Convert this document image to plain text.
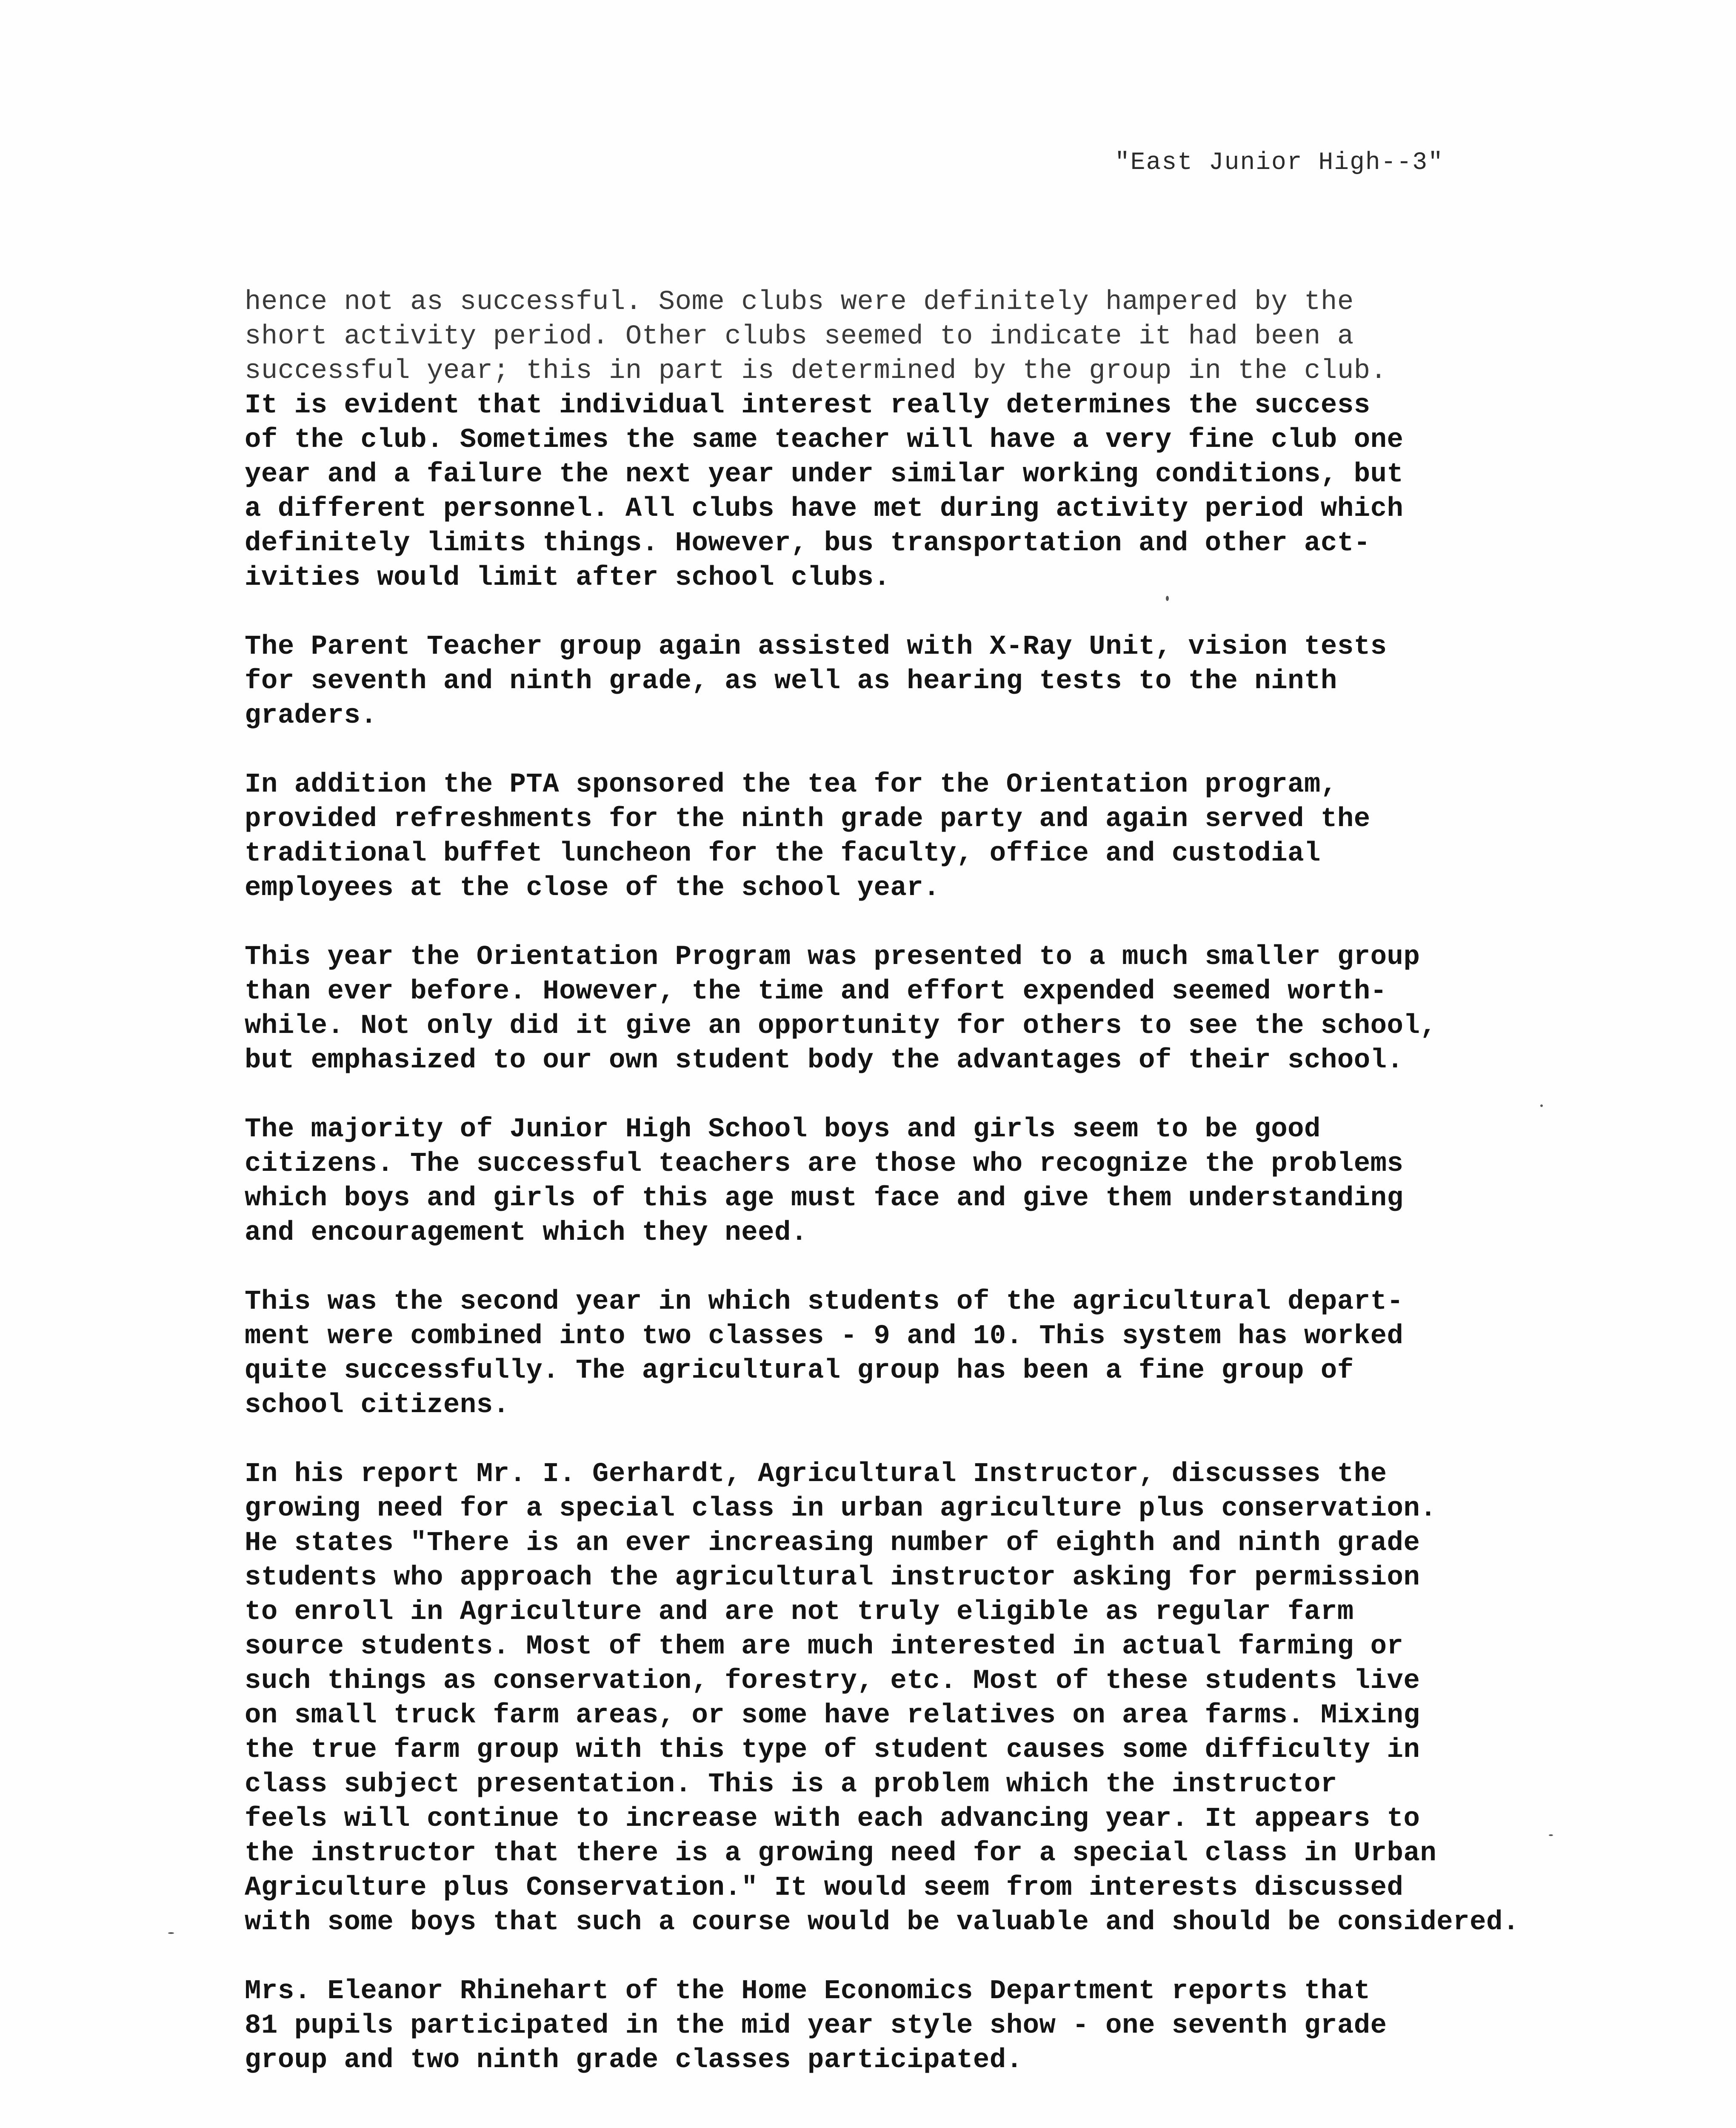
"East Junior High--3"
hence not as successful. Some clubs were definitely hampered by the
short activity period. Other clubs seemed to indicate it had been a
successful year; this in part is determined by the group in the club.
It is evident that individual interest really determines the success
of the club. Sometimes the same teacher will have a very fine club one
year and a failure the next year under similar working conditions, but
a different personnel. All clubs have met during activity period which
definitely limits things. However, bus transportation and other act-
ivities would limit after school clubs.
The Parent Teacher group again assisted with X-Ray Unit, vision tests
for seventh and ninth grade, as well as hearing tests to the ninth
graders.
In addition the PTA sponsored the tea for the Orientation program,
provided refreshments for the ninth grade party and again served the
traditional buffet luncheon for the faculty, office and custodial
employees at the close of the school year.
This year the Orientation Program was presented to a much smaller group
than ever before. However, the time and effort expended seemed worth-
while. Not only did it give an opportunity for others to see the school,
but emphasized to our own student body the advantages of their school.
The majority of Junior High School boys and girls seem to be good
citizens. The successful teachers are those who recognize the problems
which boys and girls of this age must face and give them understanding
and encouragement which they need.
This was the second year in which students of the agricultural depart-
ment were combined into two classes - 9 and 10. This system has worked
quite successfully. The agricultural group has been a fine group of
school citizens.
In his report Mr. I. Gerhardt, Agricultural Instructor, discusses the
growing need for a special class in urban agriculture plus conservation.
He states "There is an ever increasing number of eighth and ninth grade
students who approach the agricultural instructor asking for permission
to enroll in Agriculture and are not truly eligible as regular farm
source students. Most of them are much interested in actual farming or
such things as conservation, forestry, etc. Most of these students live
on small truck farm areas, or some have relatives on area farms. Mixing
the true farm group with this type of student causes some difficulty in
class subject presentation. This is a problem which the instructor
feels will continue to increase with each advancing year. It appears to
the instructor that there is a growing need for a special class in Urban
Agriculture plus Conservation." It would seem from interests discussed
with some boys that such a course would be valuable and should be considered.
Mrs. Eleanor Rhinehart of the Home Economics Department reports that
81 pupils participated in the mid year style show - one seventh grade
group and two ninth grade classes participated.
